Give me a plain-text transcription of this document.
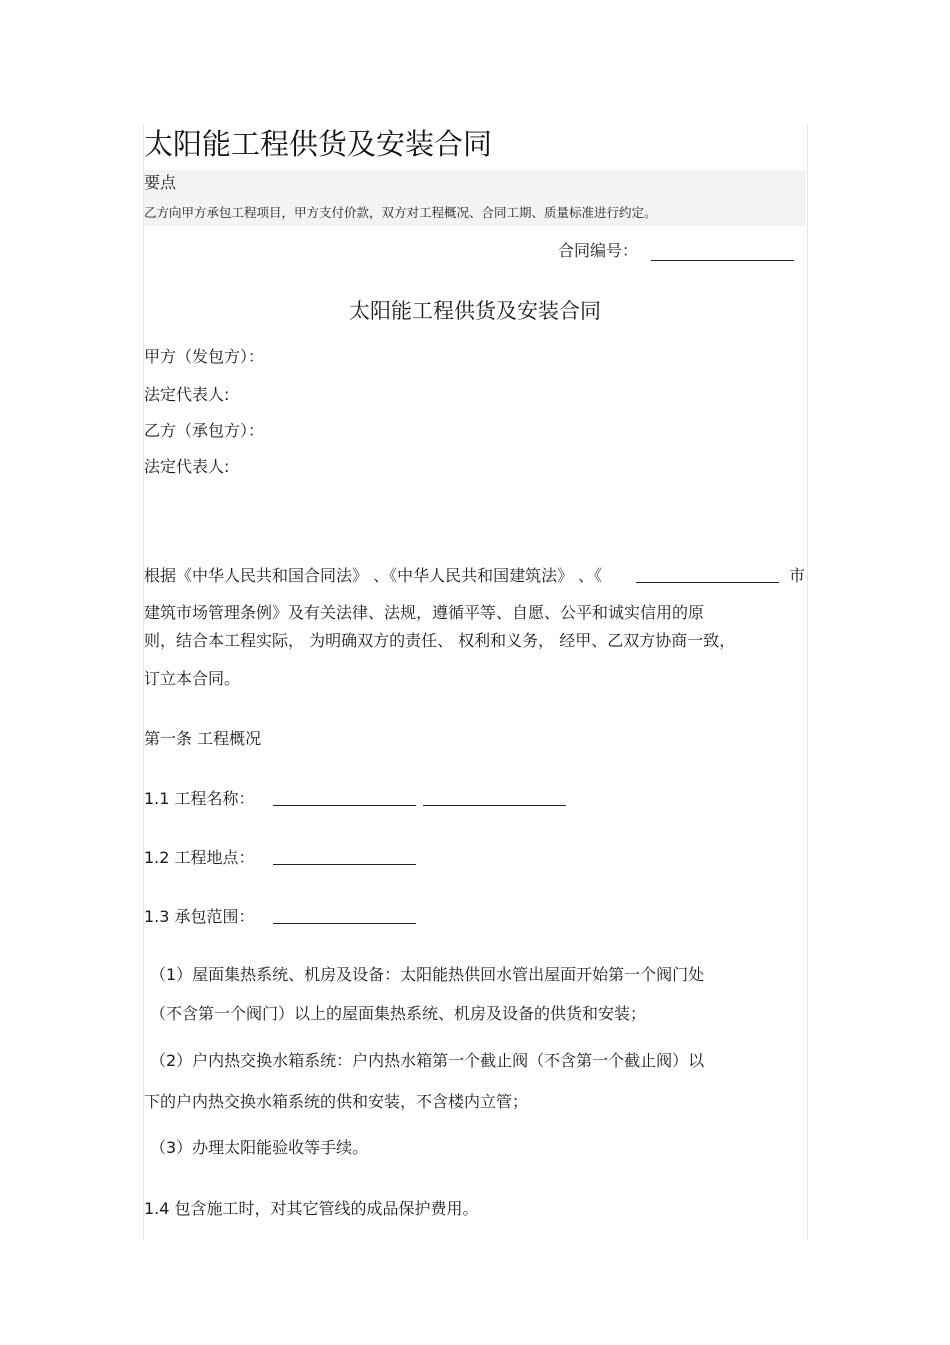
太阳能工程供货及安装合同
要点
乙方向甲方承包工程项目，甲方支付价款，双方对工程概况、合同工期、质量标准进行约定。
合同编号：
太阳能工程供货及安装合同
甲方（发包方）：
法定代表人:
乙方（承包方）：
法定代表人:
根据《中华人民共和国合同法》 、《中华人民共和国建筑法》 、《	市
建筑市场管理条例》及有关法律、法规，遵循平等、自愿、公平和诚实信用的原
则，结合本工程实际， 为明确双方的责任、 权利和义务， 经甲、乙双方协商一致，
订立本合同。
第一条 工程概况
1.1 工程名称：
1.2 工程地点：
1.3 承包范围：
（1）屋面集热系统、机房及设备：太阳能热供回水管出屋面开始第一个阀门处
（不含第一个阀门）以上的屋面集热系统、机房及设备的供货和安装；
（2）户内热交换水箱系统：户内热水箱第一个截止阀（不含第一个截止阀）以
下的户内热交换水箱系统的供和安装，不含楼内立管；
（3）办理太阳能验收等手续。
1.4 包含施工时，对其它管线的成品保护费用。
